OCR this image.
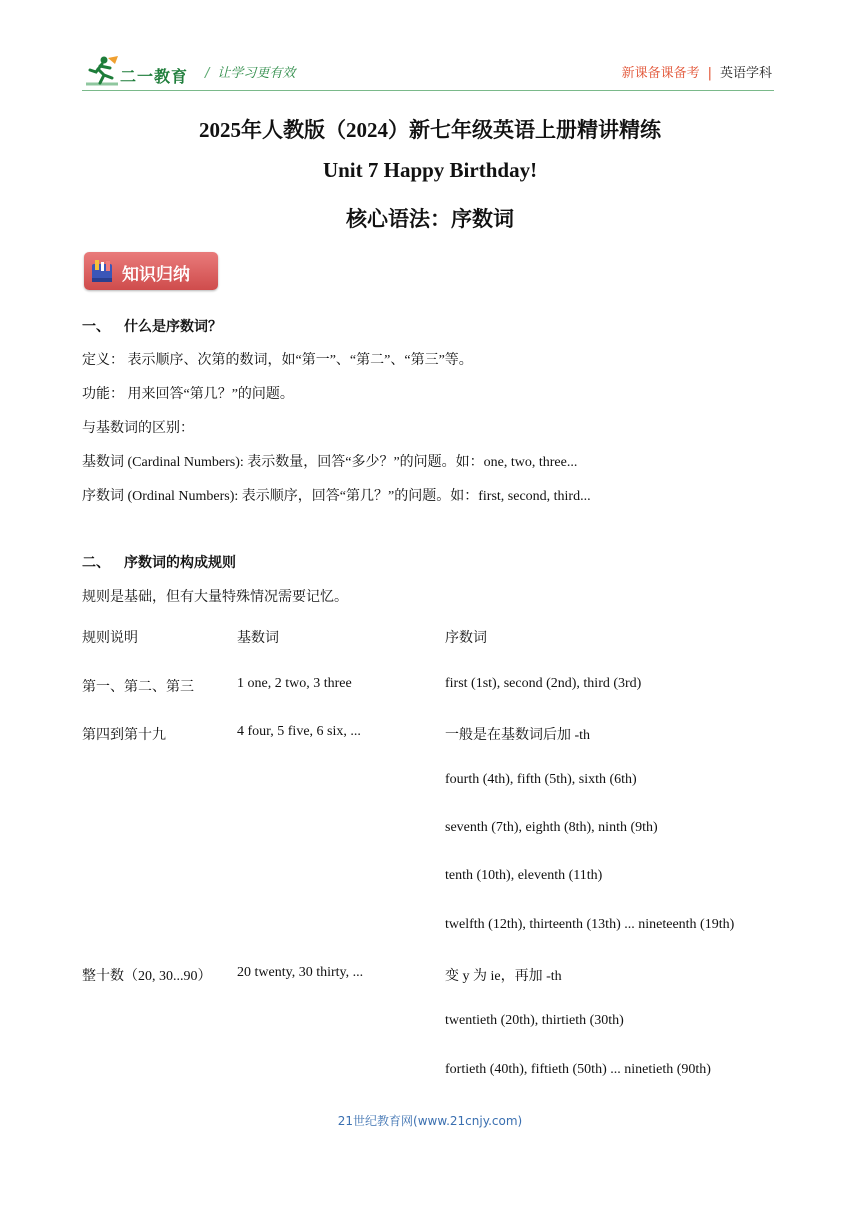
二一教育 / 让学习更有效	新课备课备考 | 英语学科
2025年人教版（2024）新七年级英语上册精讲精练
Unit 7 Happy Birthday!
核心语法：序数词
知识归纳
一、 什么是序数词？
定义： 表示顺序、次第的数词，如“第一”、“第二”、“第三”等。
功能： 用来回答“第几？”的问题。
与基数词的区别：
基数词 (Cardinal Numbers): 表示数量，回答“多少？”的问题。如：one, two, three...
序数词 (Ordinal Numbers): 表示顺序，回答“第几？”的问题。如：first, second, third...
二、 序数词的构成规则
规则是基础，但有大量特殊情况需要记忆。
规则说明	基数词	序数词
第一、第二、第三	1 one, 2 two, 3 three	first (1st), second (2nd), third (3rd)
第四到第十九	4 four, 5 five, 6 six, ...	一般是在基数词后加 -th
fourth (4th), fifth (5th), sixth (6th)
seventh (7th), eighth (8th), ninth (9th)
tenth (10th), eleventh (11th)
twelfth (12th), thirteenth (13th) ... nineteenth (19th)
整十数（20, 30...90） 20 twenty, 30 thirty, ...	变 y 为 ie，再加 -th
twentieth (20th), thirtieth (30th)
fortieth (40th), fiftieth (50th) ... ninetieth (90th)
21世纪教育网(www.21cnjy.com)
